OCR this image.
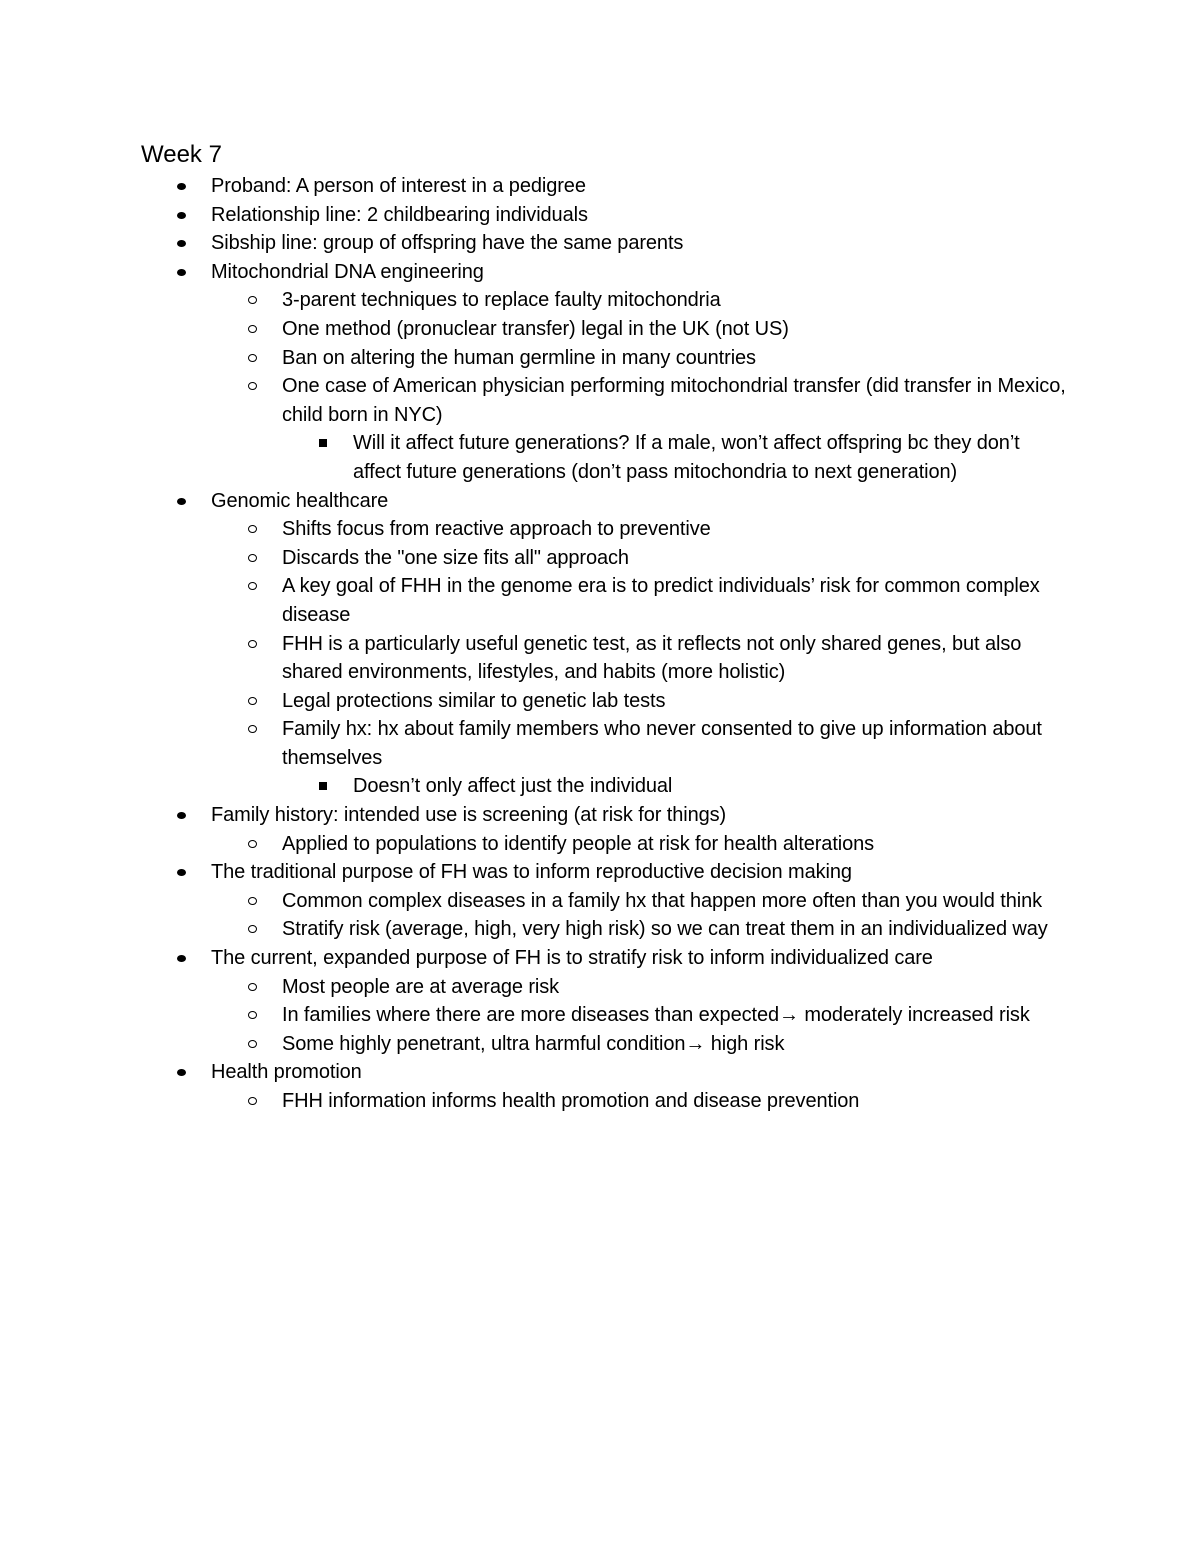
Week 7
Proband: A person of interest in a pedigree
Relationship line: 2 childbearing individuals
Sibship line: group of offspring have the same parents
Mitochondrial DNA engineering
3-parent techniques to replace faulty mitochondria
One method (pronuclear transfer) legal in the UK (not US)
Ban on altering the human germline in many countries
One case of American physician performing mitochondrial transfer (did transfer in Mexico, child born in NYC)
Will it affect future generations? If a male, won’t affect offspring bc they don’t affect future generations (don’t pass mitochondria to next generation)
Genomic healthcare
Shifts focus from reactive approach to preventive
Discards the "one size fits all" approach
A key goal of FHH in the genome era is to predict individuals’ risk for common complex disease
FHH is a particularly useful genetic test, as it reflects not only shared genes, but also shared environments, lifestyles, and habits (more holistic)
Legal protections similar to genetic lab tests
Family hx: hx about family members who never consented to give up information about themselves
Doesn’t only affect just the individual
Family history: intended use is screening (at risk for things)
Applied to populations to identify people at risk for health alterations
The traditional purpose of FH was to inform reproductive decision making
Common complex diseases in a family hx that happen more often than you would think
Stratify risk (average, high, very high risk) so we can treat them in an individualized way
The current, expanded purpose of FH is to stratify risk to inform individualized care
Most people are at average risk
In families where there are more diseases than expected→ moderately increased risk
Some highly penetrant, ultra harmful condition→ high risk
Health promotion
FHH information informs health promotion and disease prevention
